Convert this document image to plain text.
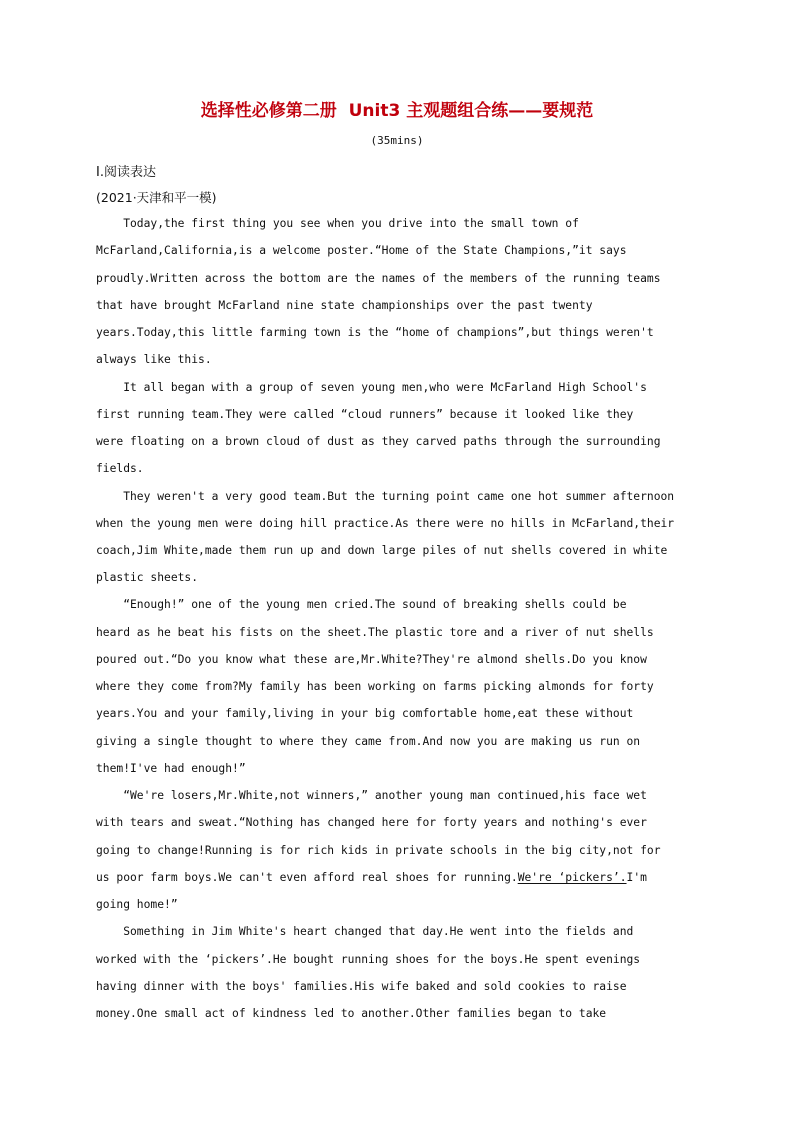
选择性必修第二册  Unit3 主观题组合练——要规范
(35mins)
Ⅰ.阅读表达
(2021·天津和平一模)
Today,the first thing you see when you drive into the small town of
McFarland,California,is a welcome poster.“Home of the State Champions,”it says
proudly.Written across the bottom are the names of the members of the running teams
that have brought McFarland nine state championships over the past twenty
years.Today,this little farming town is the “home of champions”,but things weren't
always like this.
It all began with a group of seven young men,who were McFarland High School's
first running team.They were called “cloud runners” because it looked like they
were floating on a brown cloud of dust as they carved paths through the surrounding
fields.
They weren't a very good team.But the turning point came one hot summer afternoon
when the young men were doing hill practice.As there were no hills in McFarland,their
coach,Jim White,made them run up and down large piles of nut shells covered in white
plastic sheets.
“Enough!” one of the young men cried.The sound of breaking shells could be
heard as he beat his fists on the sheet.The plastic tore and a river of nut shells
poured out.“Do you know what these are,Mr.White?They're almond shells.Do you know
where they come from?My family has been working on farms picking almonds for forty
years.You and your family,living in your big comfortable home,eat these without
giving a single thought to where they came from.And now you are making us run on
them!I've had enough!”
“We're losers,Mr.White,not winners,” another young man continued,his face wet
with tears and sweat.“Nothing has changed here for forty years and nothing's ever
going to change!Running is for rich kids in private schools in the big city,not for
us poor farm boys.We can't even afford real shoes for running.We're ‘pickers’.I'm
going home!”
Something in Jim White's heart changed that day.He went into the fields and
worked with the ‘pickers’.He bought running shoes for the boys.He spent evenings
having dinner with the boys' families.His wife baked and sold cookies to raise
money.One small act of kindness led to another.Other families began to take
